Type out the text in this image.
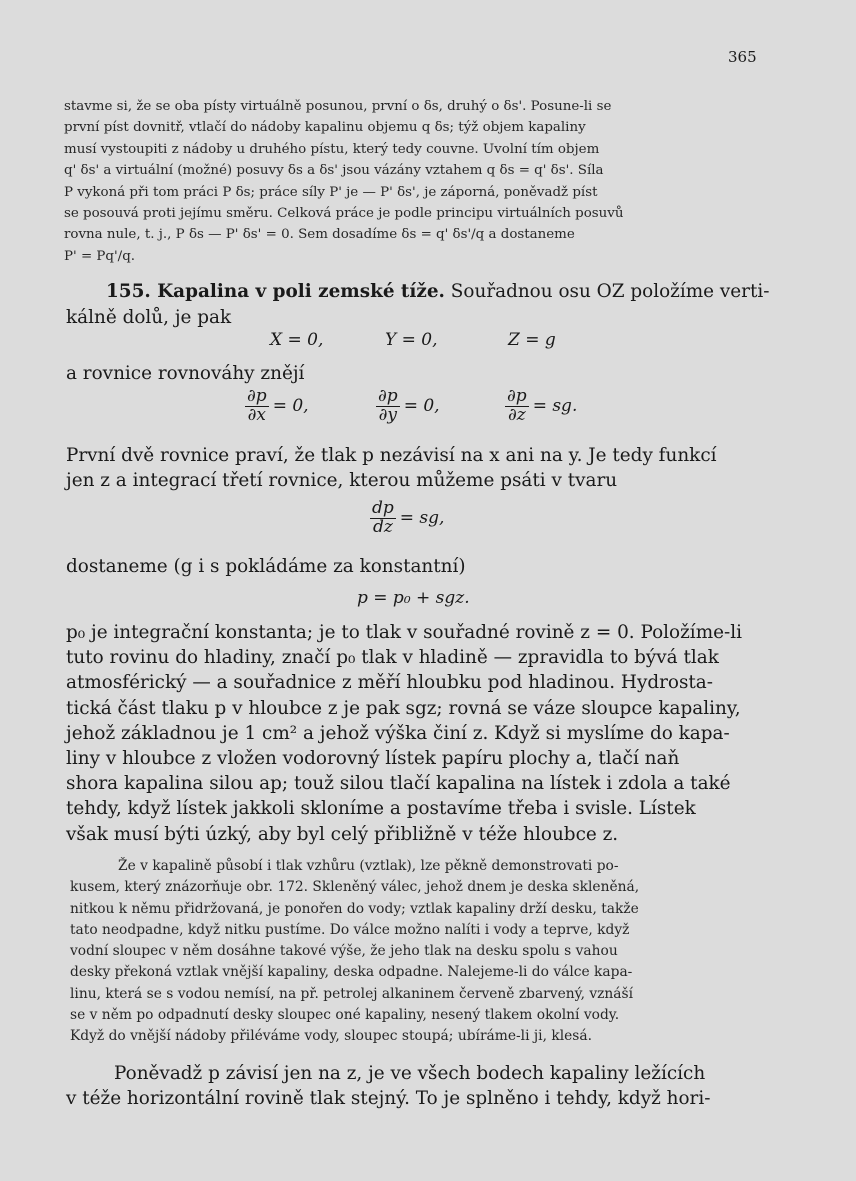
365
stavme si, že se oba písty virtuálně posunou, první o δs, druhý o δs'. Posune-li se
první píst dovnitř, vtlačí do nádoby kapalinu objemu q δs; týž objem kapaliny
musí vystoupiti z nádoby u druhého pístu, který tedy couvne. Uvolní tím objem
q' δs' a virtuální (možné) posuvy δs a δs' jsou vázány vztahem q δs = q' δs'. Síla
P vykoná při tom práci P δs; práce síly P' je — P' δs', je záporná, poněvadž píst
se posouvá proti jejímu směru. Celková práce je podle principu virtuálních posuvů
rovna nule, t. j., P δs — P' δs' = 0. Sem dosadíme δs = q' δs'/q a dostaneme
P' = Pq'/q.
155. Kapalina v poli zemské tíže. Souřadnou osu OZ položíme verti-
kálně dolů, je pak
X = 0,	Y = 0,	Z = g
a rovnice rovnováhy znějí
$\frac{\partial p}{\partial x} = 0$,	$\frac{\partial p}{\partial y} = 0$,	$\frac{\partial p}{\partial z}$ = sg.
První dvě rovnice praví, že tlak p nezávisí na x ani na y. Je tedy funkcí
jen z a integrací třetí rovnice, kterou můžeme psáti v tvaru
$\frac{dp}{dz}$ = sg,
dostaneme (g i s pokládáme za konstantní)
p = p₀ + sgz.
p₀ je integrační konstanta; je to tlak v souřadné rovině z = 0. Položíme-li
tuto rovinu do hladiny, značí p₀ tlak v hladině — zpravidla to bývá tlak
atmosférický — a souřadnice z měří hloubku pod hladinou. Hydrosta-
tická část tlaku p v hloubce z je pak sgz; rovná se váze sloupce kapaliny,
jehož základnou je 1 cm² a jehož výška činí z. Když si myslíme do kapa-
liny v hloubce z vložen vodorovný lístek papíru plochy a, tlačí naň
shora kapalina silou ap; touž silou tlačí kapalina na lístek i zdola a také
tehdy, když lístek jakkoli skloníme a postavíme třeba i svisle. Lístek
však musí býti úzký, aby byl celý přibližně v téže hloubce z.
Že v kapalině působí i tlak vzhůru (vztlak), lze pěkně demonstrovati po-
kusem, který znázorňuje obr. 172. Skleněný válec, jehož dnem je deska skleněná,
nitkou k němu přidržovaná, je ponořen do vody; vztlak kapaliny drží desku, takže
tato neodpadne, když nitku pustíme. Do válce možno nalíti i vody a teprve, když
vodní sloupec v něm dosáhne takové výše, že jeho tlak na desku spolu s vahou
desky překoná vztlak vnější kapaliny, deska odpadne. Nalejeme-li do válce kapa-
linu, která se s vodou nemísí, na př. petrolej alkaninem červeně zbarvený, vznáší
se v něm po odpadnutí desky sloupec oné kapaliny, nesený tlakem okolní vody.
Když do vnější nádoby přiléváme vody, sloupec stoupá; ubíráme-li ji, klesá.
Poněvadž p závisí jen na z, je ve všech bodech kapaliny ležících
v téže horizontální rovině tlak stejný. To je splněno i tehdy, když hori-
